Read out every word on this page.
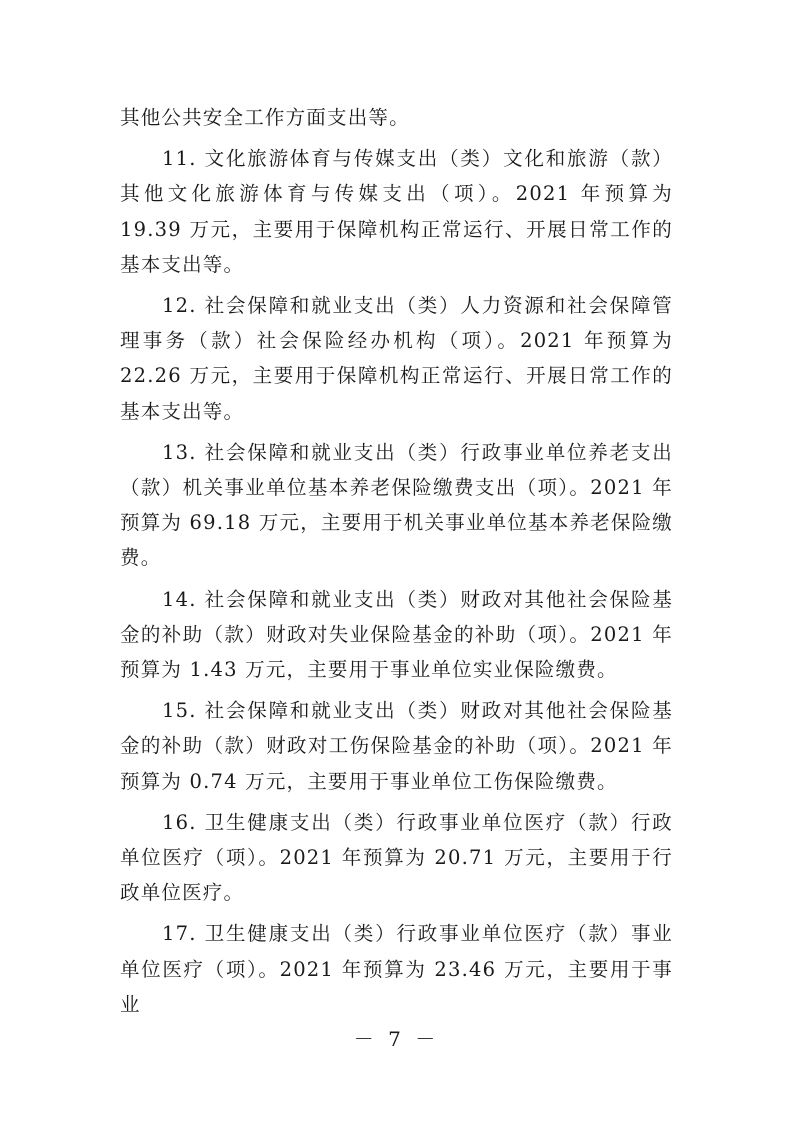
其他公共安全工作方面支出等。

11. 文化旅游体育与传媒支出（类）文化和旅游（款）其他文化旅游体育与传媒支出（项）。2021 年预算为 19.39 万元，主要用于保障机构正常运行、开展日常工作的基本支出等。

12. 社会保障和就业支出（类）人力资源和社会保障管理事务（款）社会保险经办机构（项）。2021 年预算为 22.26 万元，主要用于保障机构正常运行、开展日常工作的基本支出等。

13. 社会保障和就业支出（类）行政事业单位养老支出（款）机关事业单位基本养老保险缴费支出（项）。2021 年预算为 69.18 万元，主要用于机关事业单位基本养老保险缴费。

14. 社会保障和就业支出（类）财政对其他社会保险基金的补助（款）财政对失业保险基金的补助（项）。2021 年预算为 1.43 万元，主要用于事业单位实业保险缴费。

15. 社会保障和就业支出（类）财政对其他社会保险基金的补助（款）财政对工伤保险基金的补助（项）。2021 年预算为 0.74 万元，主要用于事业单位工伤保险缴费。

16. 卫生健康支出（类）行政事业单位医疗（款）行政单位医疗（项）。2021 年预算为 20.71 万元，主要用于行政单位医疗。

17. 卫生健康支出（类）行政事业单位医疗（款）事业单位医疗（项）。2021 年预算为 23.46 万元，主要用于事业

－ 7 －
